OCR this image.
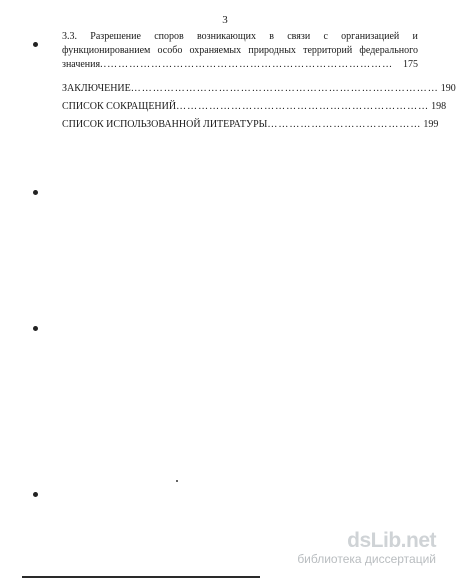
3
3.3. Разрешение споров возникающих в связи с организацией и
функционированием особо охраняемых природных территорий федерального
значения ..…………………………………………………………………… 175
ЗАКЛЮЧЕНИЕ ………………………………………………………………………… 190
СПИСОК СОКРАЩЕНИЙ …………………………………………………………… 198
СПИСОК ИСПОЛЬЗОВАННОЙ ЛИТЕРАТУРЫ …………………………………… 199
dsLib.net
библиотека диссертаций
